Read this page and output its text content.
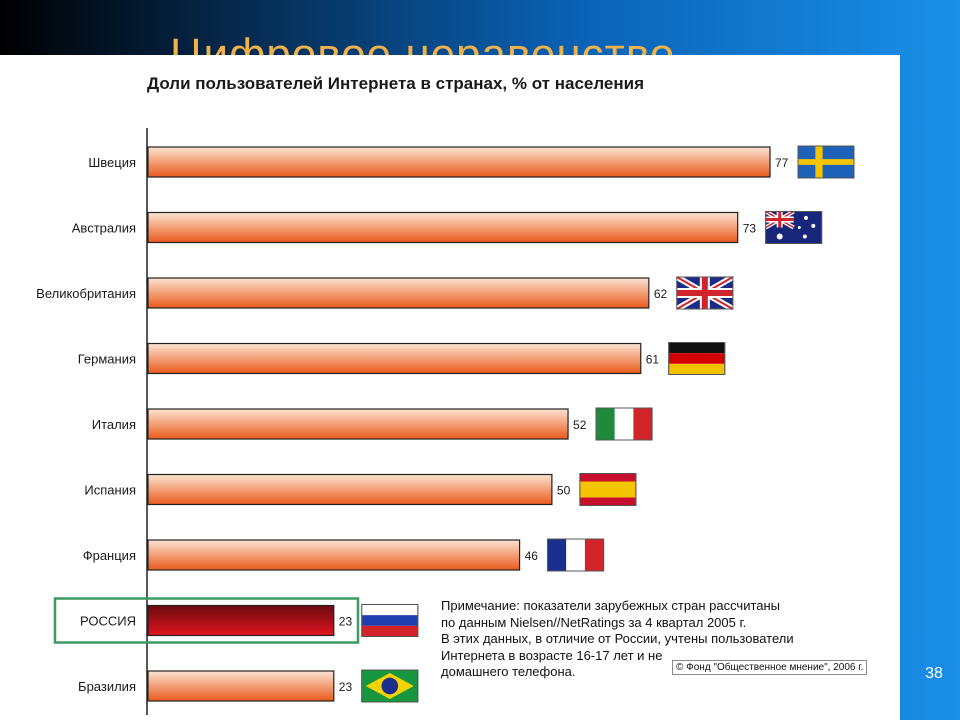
Доли пользователей Интернета в странах, % от населения
Швеция	77
Австралия	73
Великобритания	62
Германия	61
Италия	52
Испания	50
Франция	46
РОССИЯ	23
Бразилия	23
Примечание: показатели зарубежных стран рассчитаны
по данным Nielsen//NetRatings за 4 квартал 2005 г.
В этих данных, в отличие от России, учтены пользователи
Интернета в возрасте 16-17 лет и не
домашнего телефона.	© Фонд "Общественное мнение", 2006 г.	38
